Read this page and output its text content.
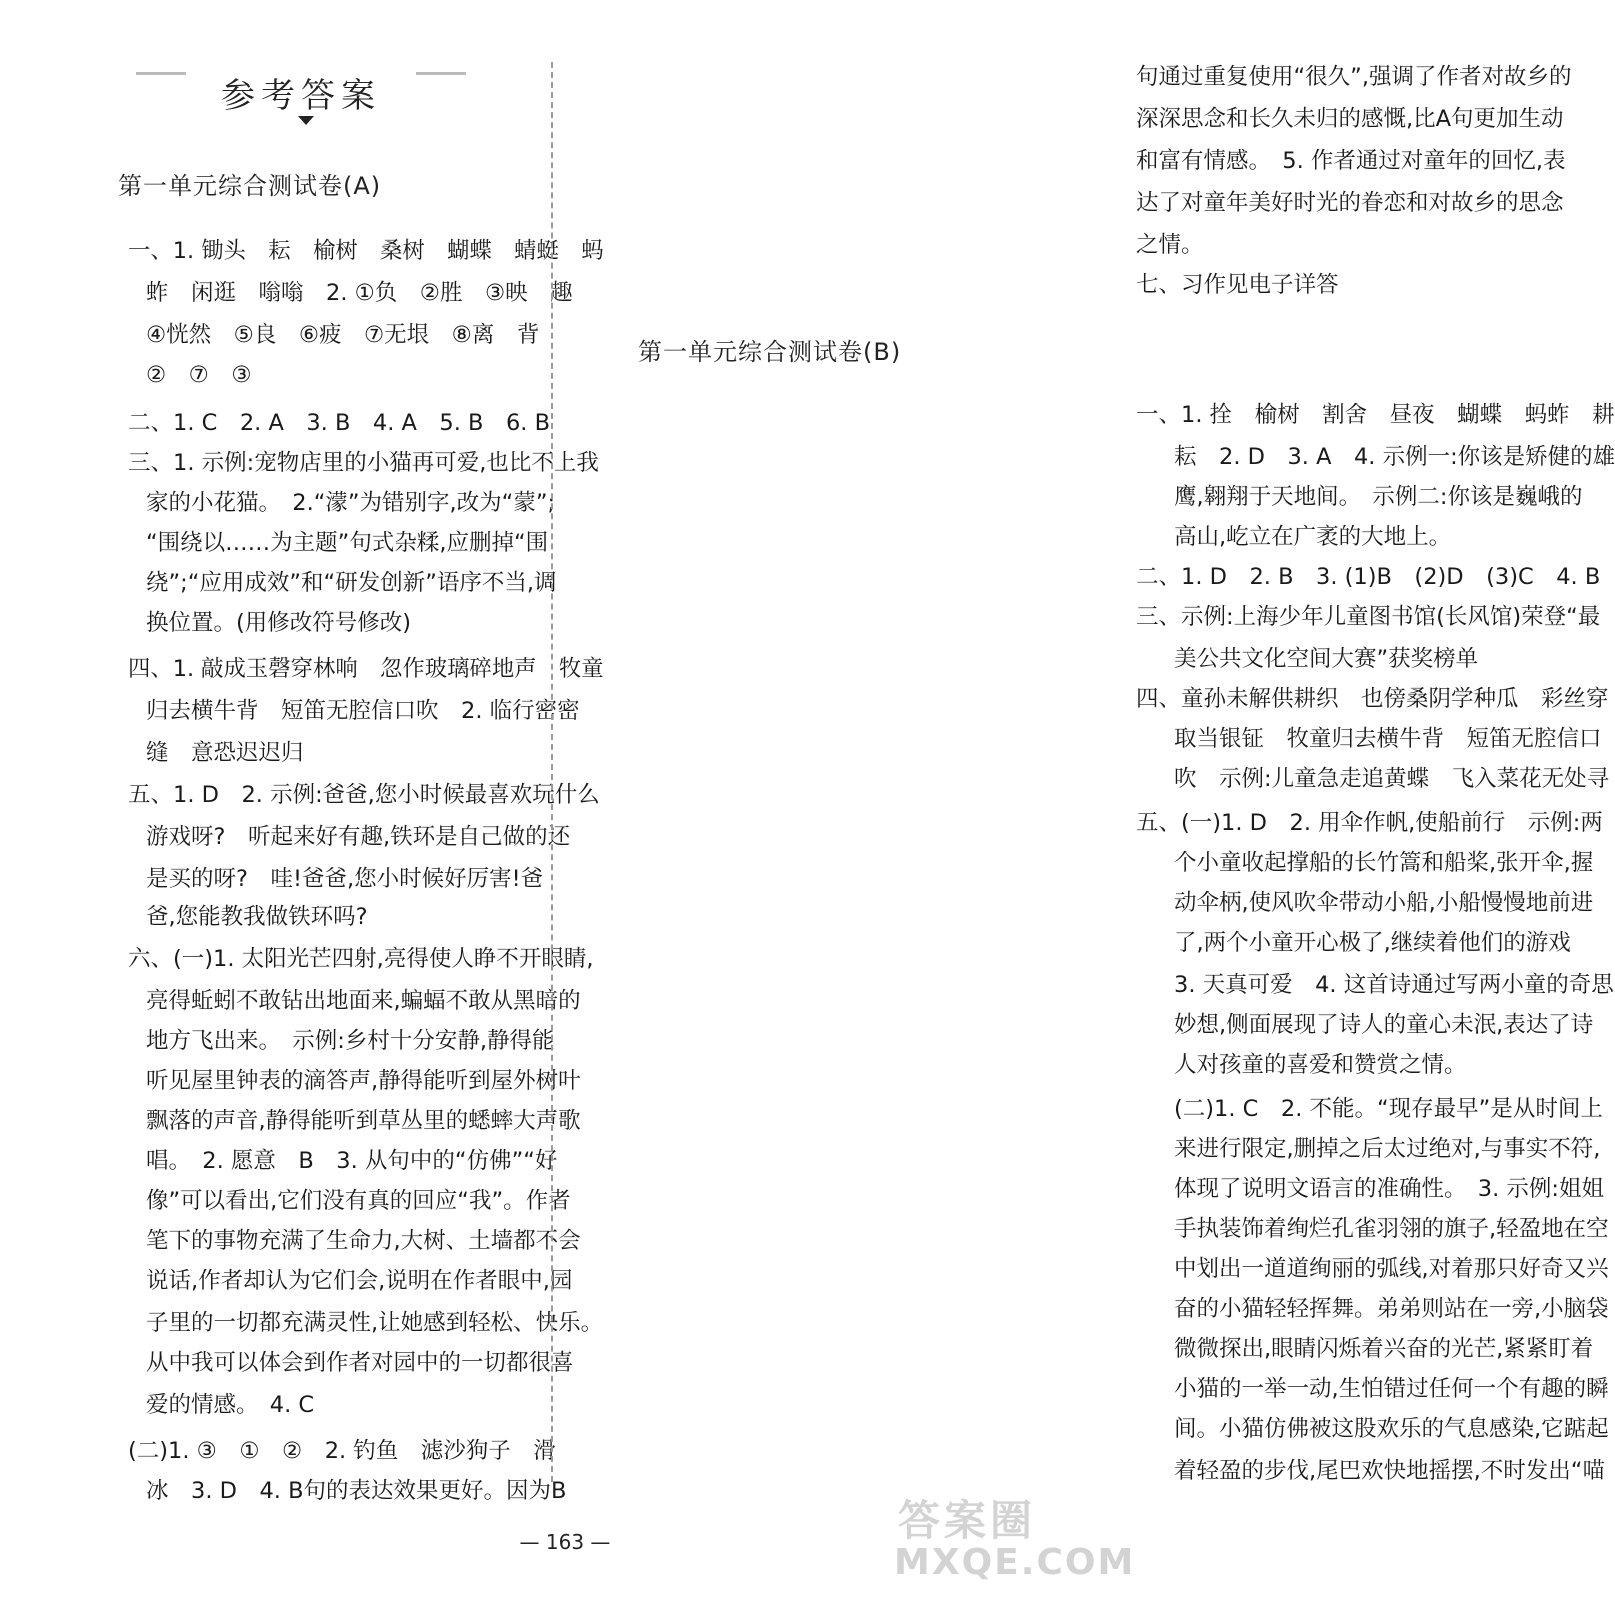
参考答案
第一单元综合测试卷(A)
一、1. 锄头　耘　榆树　桑树　蝴蝶　蜻蜓　蚂
蚱　闲逛　嗡嗡　2. ①负　②胜　③映　趣
④恍然　⑤良　⑥疲　⑦无垠　⑧离　背
②　⑦　③
二、1. C　2. A　3. B　4. A　5. B　6. B
三、1. 示例:宠物店里的小猫再可爱,也比不上我
家的小花猫。　2.“濛”为错别字,改为“蒙”;
“围绕以……为主题”句式杂糅,应删掉“围
绕”;“应用成效”和“研发创新”语序不当,调
换位置。(用修改符号修改)
四、1. 敲成玉磬穿林响　忽作玻璃碎地声　牧童
归去横牛背　短笛无腔信口吹　2. 临行密密
缝　意恐迟迟归
五、1. D　2. 示例:爸爸,您小时候最喜欢玩什么
游戏呀?　听起来好有趣,铁环是自己做的还
是买的呀?　哇!爸爸,您小时候好厉害!爸
爸,您能教我做铁环吗?
六、(一)1. 太阳光芒四射,亮得使人睁不开眼睛,
亮得蚯蚓不敢钻出地面来,蝙蝠不敢从黑暗的
地方飞出来。　示例:乡村十分安静,静得能
听见屋里钟表的滴答声,静得能听到屋外树叶
飘落的声音,静得能听到草丛里的蟋蟀大声歌
唱。　2. 愿意　B　3. 从句中的“仿佛”“好
像”可以看出,它们没有真的回应“我”。作者
笔下的事物充满了生命力,大树、土墙都不会
说话,作者却认为它们会,说明在作者眼中,园
子里的一切都充满灵性,让她感到轻松、快乐。
从中我可以体会到作者对园中的一切都很喜
爱的情感。　4. C
(二)1. ③　①　②　2. 钓鱼　滤沙狗子　滑
冰　3. D　4. B句的表达效果更好。因为B
句通过重复使用“很久”,强调了作者对故乡的
深深思念和长久未归的感慨,比A句更加生动
和富有情感。　5. 作者通过对童年的回忆,表
达了对童年美好时光的眷恋和对故乡的思念
之情。
七、习作见电子详答
一、1. 拴　榆树　割舍　昼夜　蝴蝶　蚂蚱　耕
耘　2. D　3. A　4. 示例一:你该是矫健的雄
鹰,翱翔于天地间。　示例二:你该是巍峨的
高山,屹立在广袤的大地上。
二、1. D　2. B　3. (1)B　(2)D　(3)C　4. B
三、示例:上海少年儿童图书馆(长风馆)荣登“最
美公共文化空间大赛”获奖榜单
四、童孙未解供耕织　也傍桑阴学种瓜　彩丝穿
取当银钲　牧童归去横牛背　短笛无腔信口
吹　示例:儿童急走追黄蝶　飞入菜花无处寻
五、(一)1. D　2. 用伞作帆,使船前行　示例:两
个小童收起撑船的长竹篙和船桨,张开伞,握
动伞柄,使风吹伞带动小船,小船慢慢地前进
了,两个小童开心极了,继续着他们的游戏
3. 天真可爱　4. 这首诗通过写两小童的奇思
妙想,侧面展现了诗人的童心未泯,表达了诗
人对孩童的喜爱和赞赏之情。
(二)1. C　2. 不能。“现存最早”是从时间上
来进行限定,删掉之后太过绝对,与事实不符,
体现了说明文语言的准确性。　3. 示例:姐姐
手执装饰着绚烂孔雀羽翎的旗子,轻盈地在空
中划出一道道绚丽的弧线,对着那只好奇又兴
奋的小猫轻轻挥舞。弟弟则站在一旁,小脑袋
微微探出,眼睛闪烁着兴奋的光芒,紧紧盯着
小猫的一举一动,生怕错过任何一个有趣的瞬
间。小猫仿佛被这股欢乐的气息感染,它踮起
着轻盈的步伐,尾巴欢快地摇摆,不时发出“喵
第一单元综合测试卷(B)
— 163 —	答案圈
MXQE.COM
